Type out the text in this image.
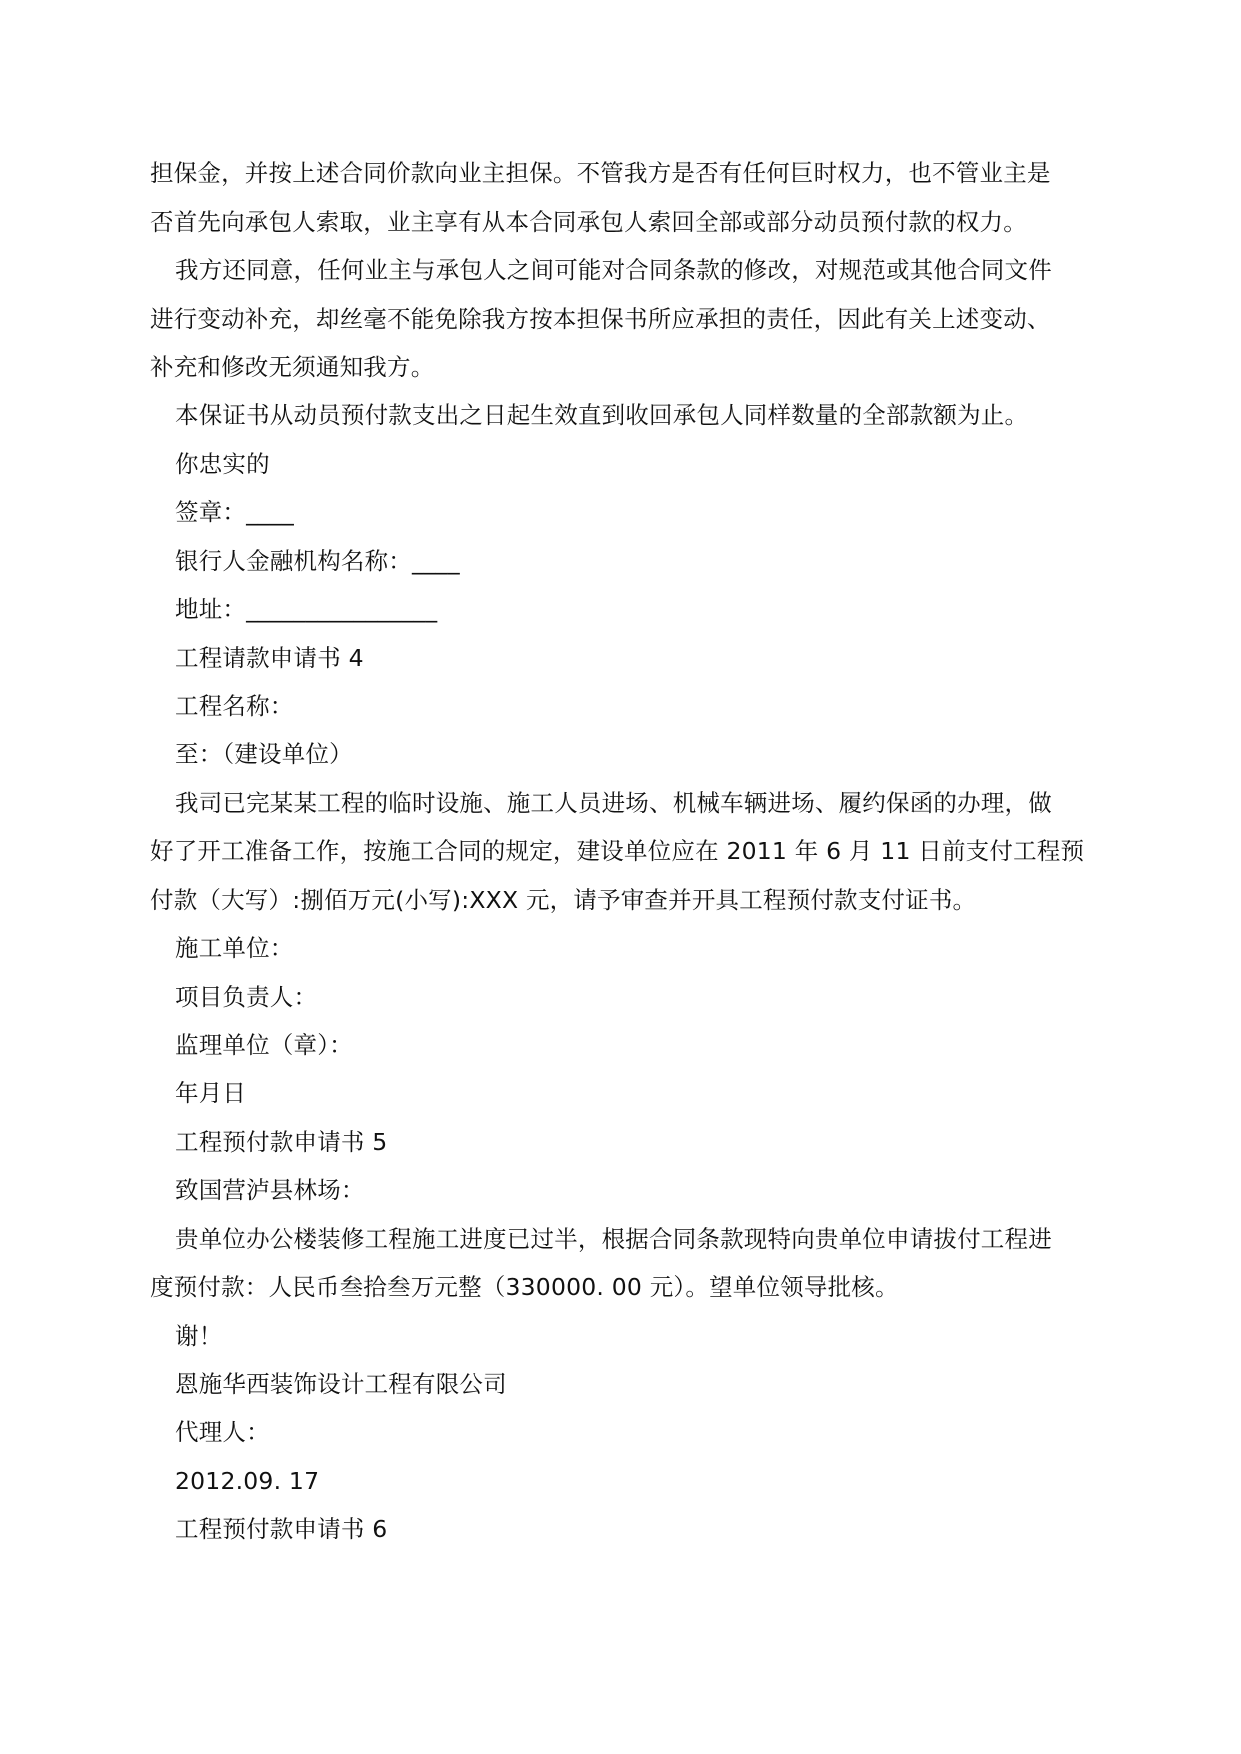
担保金，并按上述合同价款向业主担保。不管我方是否有任何巨时权力，也不管业主是
否首先向承包人索取，业主享有从本合同承包人索回全部或部分动员预付款的权力。
我方还同意，任何业主与承包人之间可能对合同条款的修改，对规范或其他合同文件
进行变动补充，却丝毫不能免除我方按本担保书所应承担的责任，因此有关上述变动、
补充和修改无须通知我方。
本保证书从动员预付款支出之日起生效直到收回承包人同样数量的全部款额为止。
你忠实的
签章：____
银行人金融机构名称：____
地址：________________
工程请款申请书 4
工程名称：
至：（建设单位）
我司已完某某工程的临时设施、施工人员进场、机械车辆进场、履约保函的办理，做
好了开工准备工作，按施工合同的规定，建设单位应在 2011 年 6 月 11 日前支付工程预
付款（大写）:捌佰万元(小写):XXX 元，请予审查并开具工程预付款支付证书。
施工单位：
项目负责人：
监理单位（章）：
年月日
工程预付款申请书 5
致国营泸县林场：
贵单位办公楼装修工程施工进度已过半，根据合同条款现特向贵单位申请拔付工程进
度预付款：人民币叁拾叁万元整（330000. 00 元）。望单位领导批核。
谢！
恩施华西装饰设计工程有限公司
代理人：
2012.09. 17
工程预付款申请书 6
